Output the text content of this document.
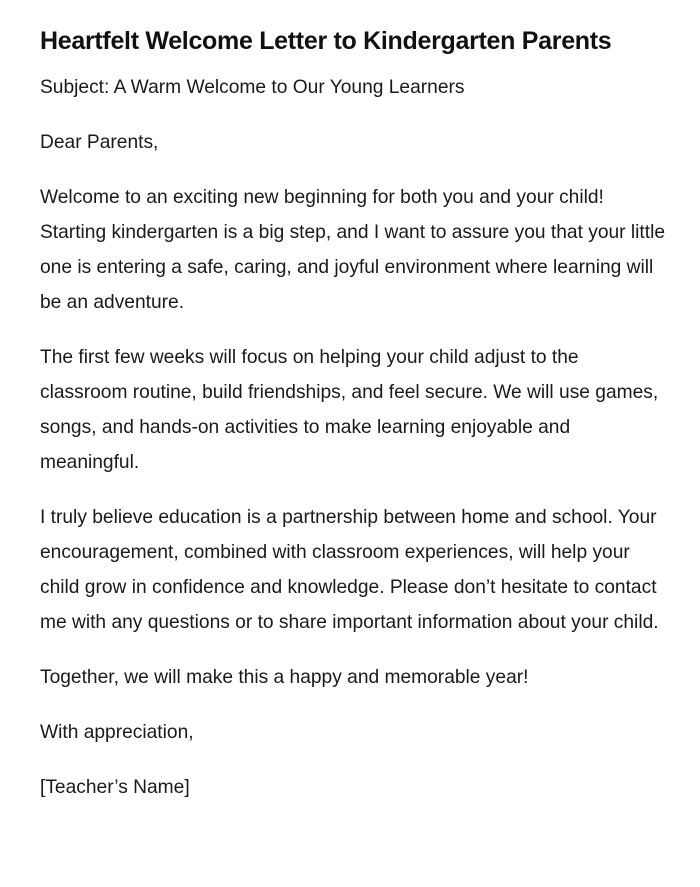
Heartfelt Welcome Letter to Kindergarten Parents

Subject: A Warm Welcome to Our Young Learners

Dear Parents,

Welcome to an exciting new beginning for both you and your child! Starting kindergarten is a big step, and I want to assure you that your little one is entering a safe, caring, and joyful environment where learning will be an adventure.

The first few weeks will focus on helping your child adjust to the classroom routine, build friendships, and feel secure. We will use games, songs, and hands-on activities to make learning enjoyable and meaningful.

I truly believe education is a partnership between home and school. Your encouragement, combined with classroom experiences, will help your child grow in confidence and knowledge. Please don’t hesitate to contact me with any questions or to share important information about your child.

Together, we will make this a happy and memorable year!

With appreciation,

[Teacher’s Name]
